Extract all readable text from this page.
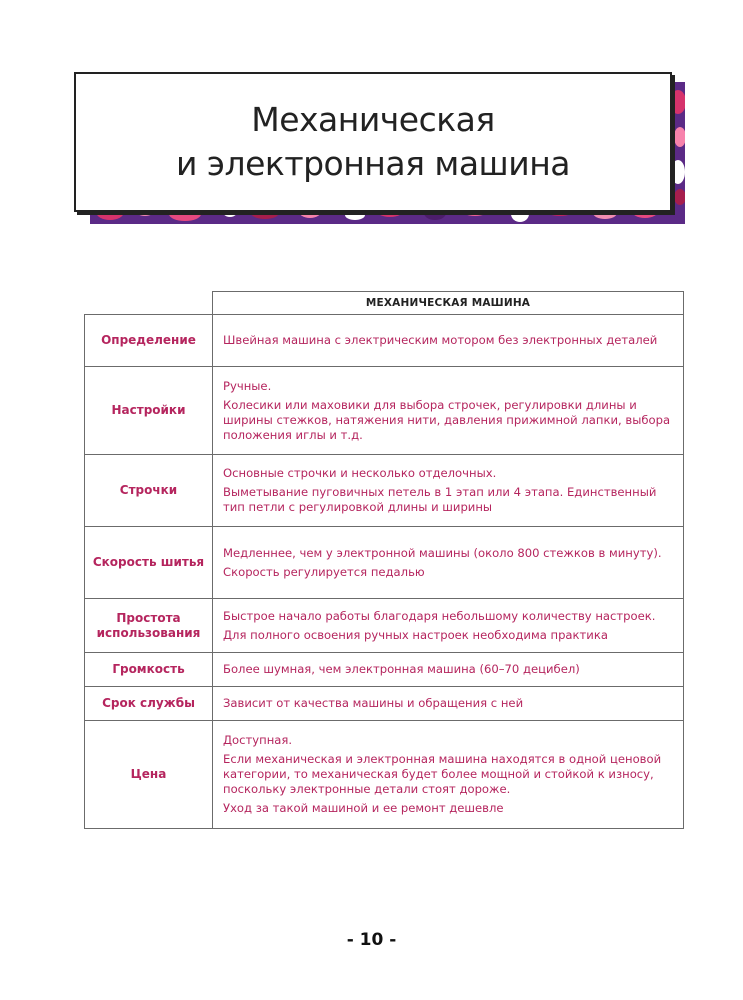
Механическая
и электронная машина
	МЕХАНИЧЕСКАЯ МАШИНА
Определение	Швейная машина с электрическим мотором без электронных деталей

Настройки	Ручные.

Колесики или маховики для выбора строчек, регулировки длины и ширины стежков, натяжения нити, давления прижимной лапки, выбора положения иглы и т.д.

Строчки	Основные строчки и несколько отделочных.

Выметывание пуговичных петель в 1 этап или 4 этапа. Единственный тип петли с регулировкой длины и ширины

Скорость шитья	Медленнее, чем у электронной машины (около 800 стежков в минуту).

Скорость регулируется педалью

Простота использования	Быстрое начало работы благодаря небольшому количеству настроек.

Для полного освоения ручных настроек необходима практика

Громкость	Более шумная, чем электронная машина (60–70 децибел)

Срок службы	Зависит от качества машины и обращения с ней

Цена	Доступная.

Если механическая и электронная машина находятся в одной ценовой категории, то механическая будет более мощной и стойкой к износу, поскольку электронные детали стоят дороже.

Уход за такой машиной и ее ремонт дешевле

- 10 -
